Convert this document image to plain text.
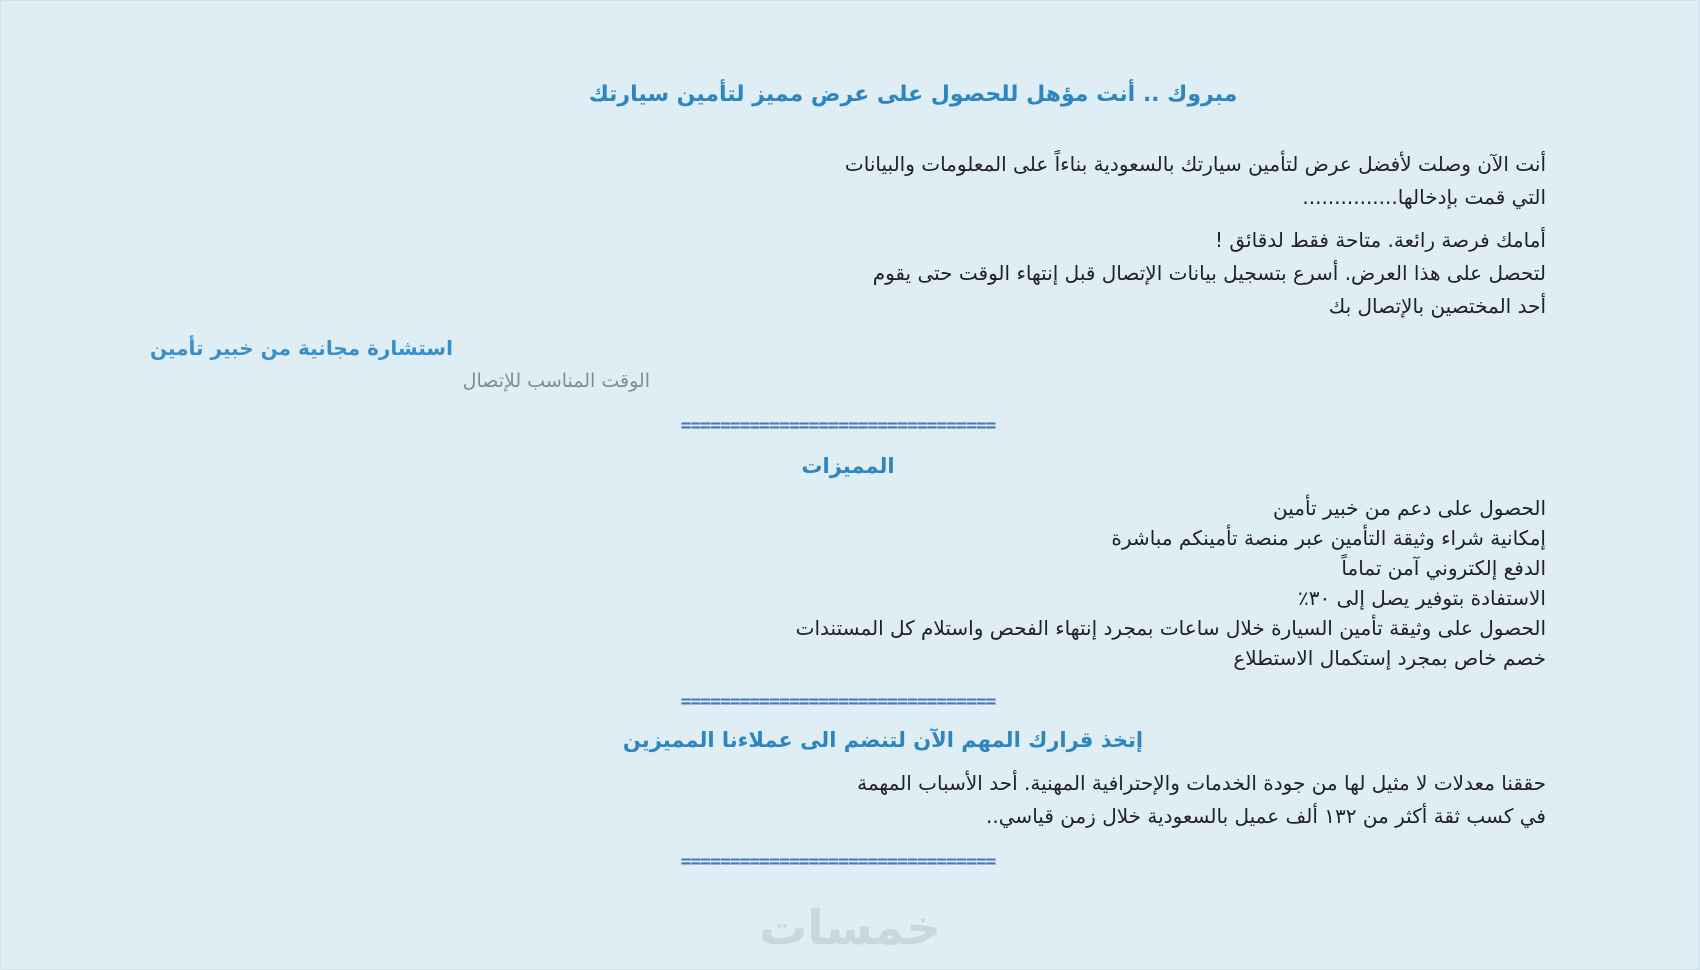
مبروك .. أنت مؤهل للحصول على عرض مميز لتأمين سيارتك
أنت الآن وصلت لأفضل عرض لتأمين سيارتك بالسعودية بناءاً على المعلومات والبيانات
التي قمت بإدخالها...............
أمامك فرصة رائعة. متاحة فقط لدقائق !
لتحصل على هذا العرض. أسرع بتسجيل بيانات الإتصال قبل إنتهاء الوقت حتى يقوم
أحد المختصين بالإتصال بك
استشارة مجانية من خبير تأمين
الوقت المناسب للإتصال
================================
المميزات
الحصول على دعم من خبير تأمين
إمكانية شراء وثيقة التأمين عبر منصة تأمينكم مباشرة
الدفع إلكتروني آمن تماماً
الاستفادة بتوفير يصل إلى ٣٠٪
الحصول على وثيقة تأمين السيارة خلال ساعات بمجرد إنتهاء الفحص واستلام كل المستندات
خصم خاص بمجرد إستكمال الاستطلاع
================================
إتخذ قرارك المهم الآن لتنضم الى عملاءنا المميزين
حققنا معدلات لا مثيل لها من جودة الخدمات والإحترافية المهنية. أحد الأسباب المهمة
في كسب ثقة أكثر من ١٣٢ ألف عميل بالسعودية خلال زمن قياسي..
================================
خمسات
